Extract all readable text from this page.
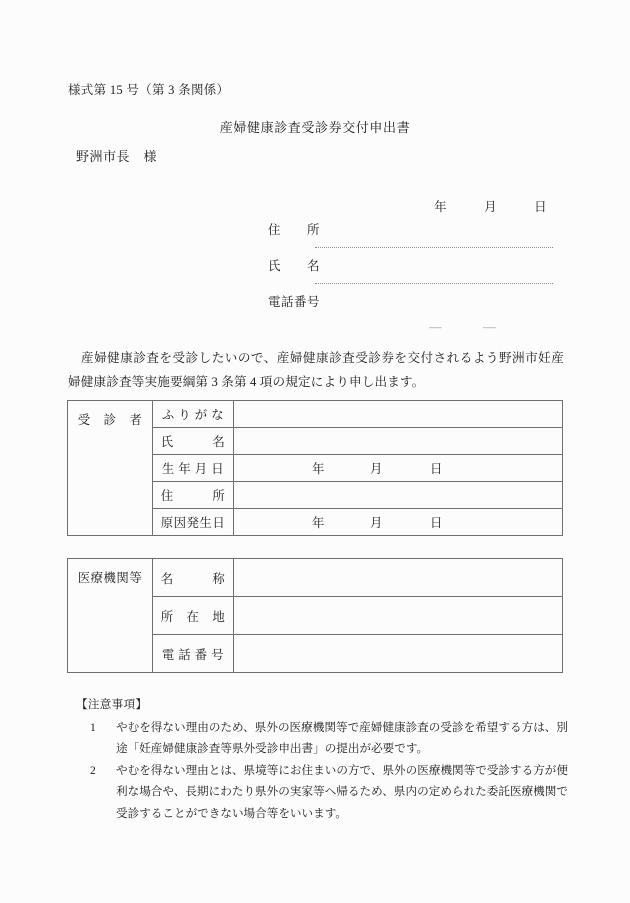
様式第 15 号（第 3 条関係）
産婦健康診査受診券交付申出書
野洲市長　様

年	月	日

住　　所
氏　　名
電話番号

—	—

産婦健康診査を受診したいので、産婦健康診査受診券を交付されるよう野洲市妊産婦健康診査等実施要綱第 3 条第 4 項の規定により申し出ます。
受　診　者	ふ り が な	
	氏　　　名	
	生 年 月 日	年 月 日

	住　　　所	
	原因発生日	年 月 日
医療機関等	名　　　称	
	所　在　地	
	電 話 番 号	
【注意事項】
1	やむを得ない理由のため、県外の医療機関等で産婦健康診査の受診を希望する方は、別途「妊産婦健康診査等県外受診申出書」の提出が必要です。
2	やむを得ない理由とは、県境等にお住まいの方で、県外の医療機関等で受診する方が便利な場合や、長期にわたり県外の実家等へ帰るため、県内の定められた委託医療機関で受診することができない場合等をいいます。
